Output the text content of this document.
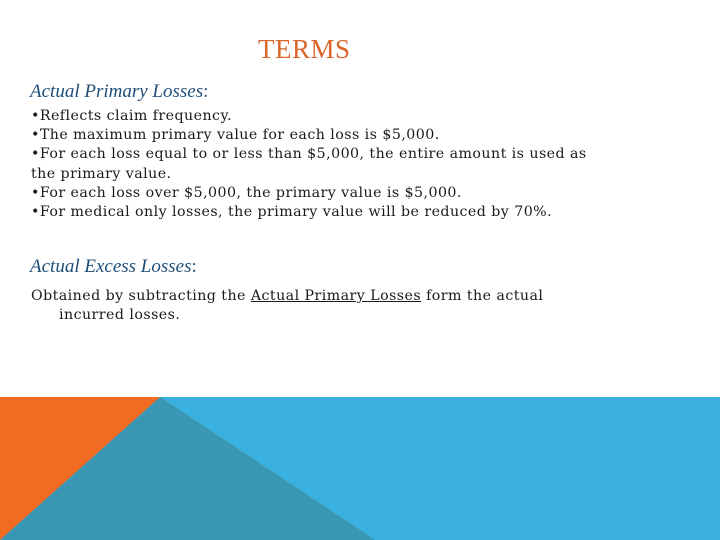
TERMS
Actual Primary Losses:
•Reflects claim frequency.
•The maximum primary value for each loss is $5,000.
•For each loss equal to or less than $5,000, the entire amount is used as
the primary value.
•For each loss over $5,000, the primary value is $5,000.
•For medical only losses, the primary value will be reduced by 70%.
Actual Excess Losses:
Obtained by subtracting the Actual Primary Losses form the actual
incurred losses.
